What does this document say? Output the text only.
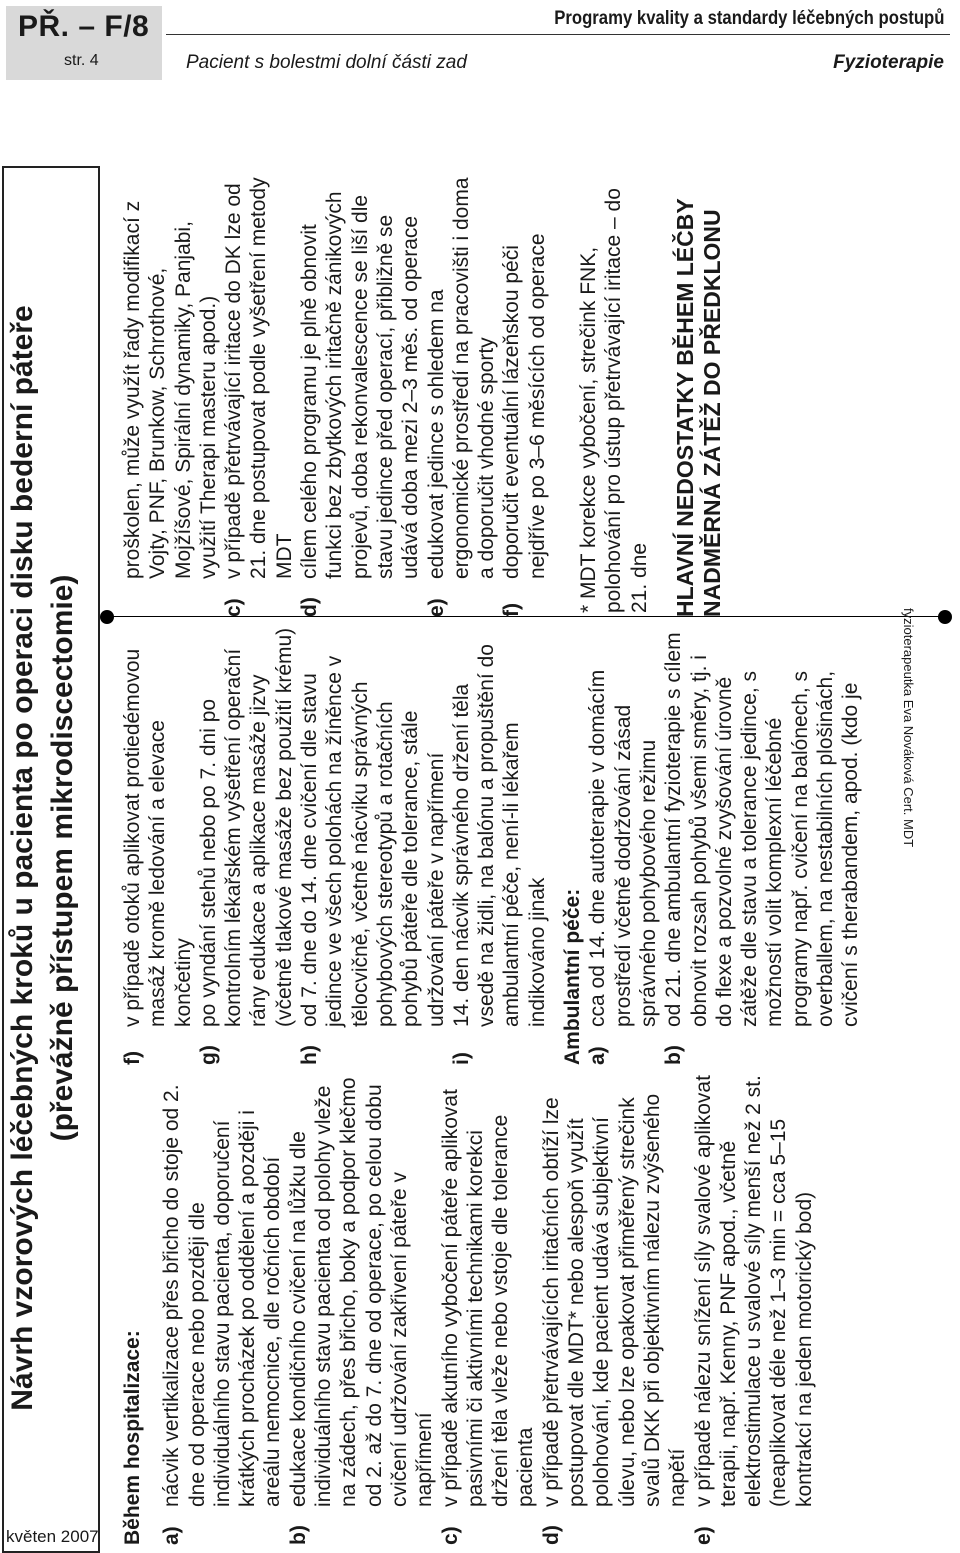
PŘ. – F/8
str. 4
Programy kvality a standardy léčebných postupů
Pacient s bolestmi dolní části zad	Fyzioterapie
Návrh vzorových léčebných kroků u pacienta po operaci disku bederní páteře (převážně přístupem mikrodiscectomie)
Během hospitalizace: a)
nácvik vertikalizace přes břicho do stoje od 2. dne od operace nebo později dle individuálního stavu pacienta, doporučení krátkých procházek po oddělení a později i areálu nemocnice, dle ročních období
b)
edukace kondičního cvičení na lůžku dle individuálního stavu pacienta od polohy vleže na zádech, přes břicho, boky a podpor klečmo od 2. až do 7. dne od operace, po celou dobu cvičení udržování zakřivení páteře v napřímení
c)
v případě akutního vybočení páteře aplikovat pasivními či aktivními technikami korekci držení těla vleže nebo vstoje dle tolerance pacienta
d)
v případě přetrvávajících iritačních obtíží lze postupovat dle MDT* nebo alespoň využít polohování, kde pacient udává subjektivní úlevu, nebo lze opakovat přiměřený strečink svalů DKK při objektivním nálezu zvýšeného napětí
e)
v případě nálezu snížení síly svalové aplikovat terapii, např. Kenny, PNF apod., včetně elektrostimulace u svalové síly menší než 2 st. (neaplikovat déle než 1–3 min = cca 5–15 kontrakcí na jeden motorický bod)
f)
v případě otoků aplikovat protiedémovou masáž kromě ledování a elevace končetiny
g)
po vyndání stehů nebo po 7. dni po kontrolním lékařském vyšetření operační rány edukace a aplikace masáže jizvy (včetně tlakové masáže bez použití krému)
h)
od 7. dne do 14. dne cvičení dle stavu jedince ve všech polohách na žíněnce v tělocvičně, včetně nácviku správných pohybových stereotypů a rotačních pohybů páteře dle tolerance, stále udržování páteře v napřímení
i)
14. den nácvik správného držení těla vsedě na židli, na balónu a propuštění do ambulantní péče, není-li lékařem indikováno jinak Ambulantní péče: a)
cca od 14. dne autoterapie v domácím prostředí včetně dodržování zásad správného pohybového režimu
b)
od 21. dne ambulantní fyzioterapie s cílem obnovit rozsah pohybů všemi směry, tj. i do flexe a pozvolné zvyšování úrovně zátěže dle stavu a tolerance jedince, s možností volit komplexní léčebné programy např. cvičení na balónech, s overballem, na nestabilních plošinách, cvičení s therabandem, apod. (kdo je
proškolen, může využít řady modifikací z Vojty, PNF, Brunkow, Schrothové, Mojžíšové, Spirální dynamiky, Panjabi, využití Therapi masteru apod.)
c)
v případě přetrvávající iritace do DK lze od 21. dne postupovat podle vyšetření metody MDT
d)
cílem celého programu je plně obnovit funkci bez zbytkových iritačně zánikových projevů, doba rekonvalescence se liší dle stavu jedince před operací, přibližně se udává doba mezi 2–3 měs. od operace
e)
edukovat jedince s ohledem na ergonomické prostředí na pracovišti i doma a doporučit vhodné sporty
f)
doporučit eventuální lázeňskou péči nejdříve po 3–6 měsících od operace * MDT korekce vybočení, strečink FNK, polohování pro ústup přetrvávající iritace – do 21. dne HLAVNÍ NEDOSTATKY BĚHEM LÉČBY NADMĚRNÁ ZÁTĚŽ DO PŘEDKLONU
fyzioterapeutka Eva Nováková Cert. MDT
květen 2007
